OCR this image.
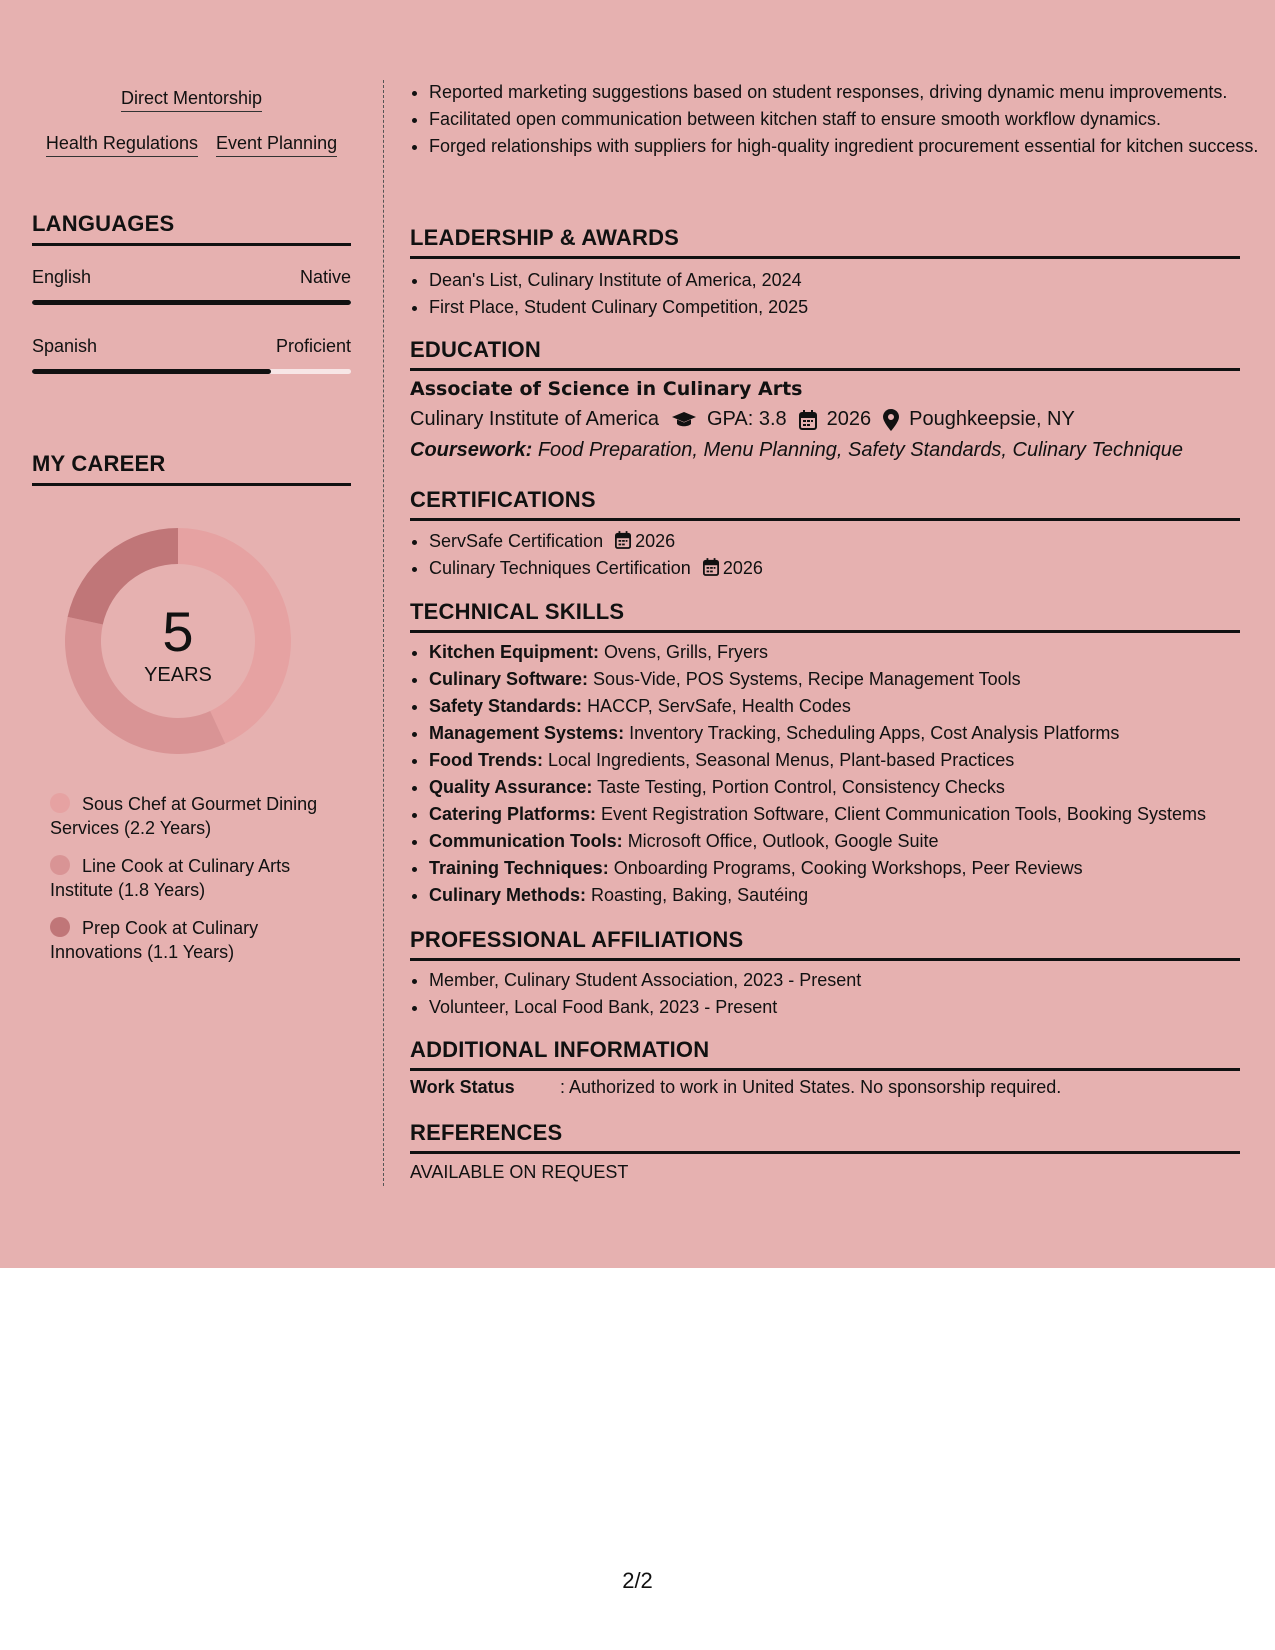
Direct Mentorship
Health Regulations Event Planning
LANGUAGES
English	Native
Spanish	Proficient
MY CAREER
5
YEARS
Sous Chef at Gourmet Dining Services (2.2 Years)
Line Cook at Culinary Arts Institute (1.8 Years)
Prep Cook at Culinary Innovations (1.1 Years)
• Reported marketing suggestions based on student responses, driving dynamic menu improvements.
• Facilitated open communication between kitchen staff to ensure smooth workflow dynamics.
• Forged relationships with suppliers for high-quality ingredient procurement essential for kitchen success.
LEADERSHIP & AWARDS
• Dean's List, Culinary Institute of America, 2024
• First Place, Student Culinary Competition, 2025
EDUCATION
Associate of Science in Culinary Arts
Culinary Institute of America GPA: 3.8 2026 Poughkeepsie, NY
Coursework: Food Preparation, Menu Planning, Safety Standards, Culinary Technique
CERTIFICATIONS
• ServSafe Certification 2026
• Culinary Techniques Certification 2026
TECHNICAL SKILLS
• Kitchen Equipment: Ovens, Grills, Fryers
• Culinary Software: Sous-Vide, POS Systems, Recipe Management Tools
• Safety Standards: HACCP, ServSafe, Health Codes
• Management Systems: Inventory Tracking, Scheduling Apps, Cost Analysis Platforms
• Food Trends: Local Ingredients, Seasonal Menus, Plant-based Practices
• Quality Assurance: Taste Testing, Portion Control, Consistency Checks
• Catering Platforms: Event Registration Software, Client Communication Tools, Booking Systems
• Communication Tools: Microsoft Office, Outlook, Google Suite
• Training Techniques: Onboarding Programs, Cooking Workshops, Peer Reviews
• Culinary Methods: Roasting, Baking, Sautéing
PROFESSIONAL AFFILIATIONS
• Member, Culinary Student Association, 2023 - Present
• Volunteer, Local Food Bank, 2023 - Present
ADDITIONAL INFORMATION
Work Status	: Authorized to work in United States. No sponsorship required.
REFERENCES
AVAILABLE ON REQUEST
2/2
